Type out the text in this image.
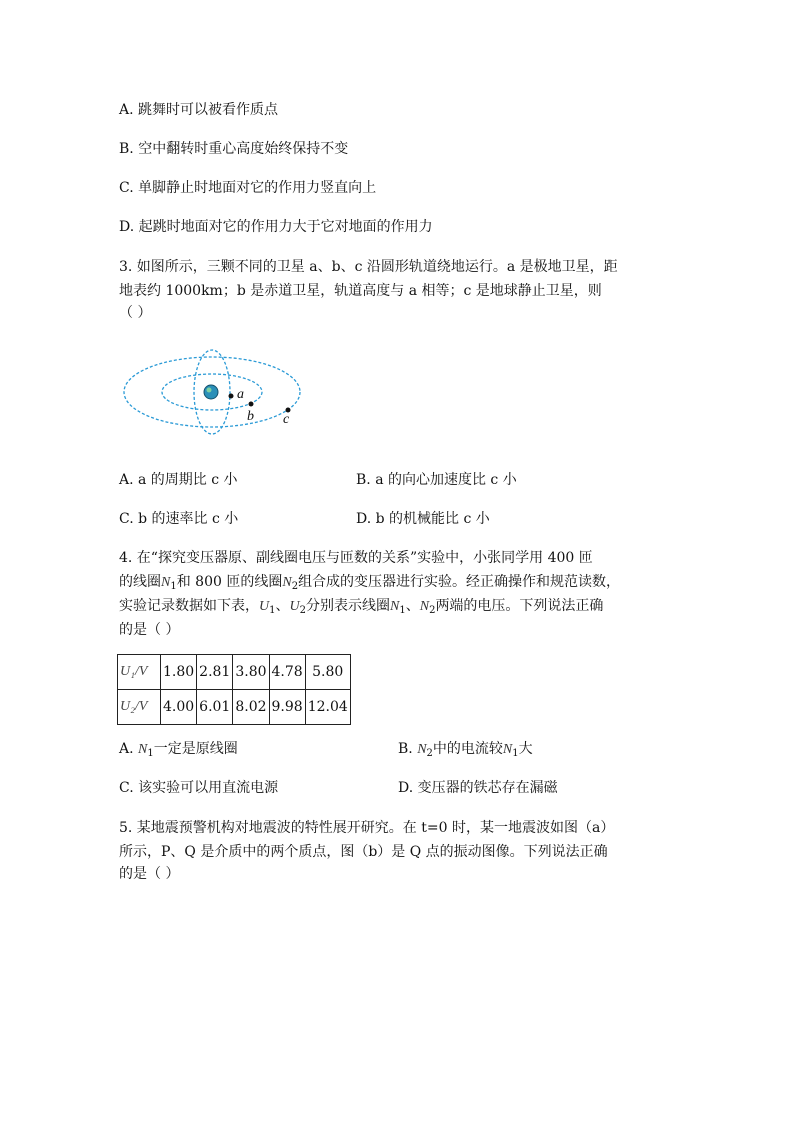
A. 跳舞时可以被看作质点
B. 空中翻转时重心高度始终保持不变
C. 单脚静止时地面对它的作用力竖直向上
D. 起跳时地面对它的作用力大于它对地面的作用力
3. 如图所示，三颗不同的卫星 a、b、c 沿圆形轨道绕地运行。a 是极地卫星，距
地表约 1000km；b 是赤道卫星，轨道高度与 a 相等；c 是地球静止卫星，则
（ ）
a
b c
A. a 的周期比 c 小	B. a 的向心加速度比 c 小
C. b 的速率比 c 小	D. b 的机械能比 c 小
4. 在“探究变压器原、副线圈电压与匝数的关系”实验中，小张同学用 400 匝
的线圈$N_1$和 800 匝的线圈$N_2$组合成的变压器进行实验。经正确操作和规范读数，
实验记录数据如下表，$U_1$、$U_2$分别表示线圈$N_1$、$N_2$两端的电压。下列说法正确
的是（ ）
U₁/V	1.80	2.81	3.80	4.78	5.80
U₂/V	4.00	6.01	8.02	9.98	12.04
A. $N_1$一定是原线圈	B. $N_2$中的电流较$N_1$大
C. 该实验可以用直流电源	D. 变压器的铁芯存在漏磁
5. 某地震预警机构对地震波的特性展开研究。在 t=0 时，某一地震波如图（a）
所示，P、Q 是介质中的两个质点，图（b）是 Q 点的振动图像。下列说法正确
的是（ ）
